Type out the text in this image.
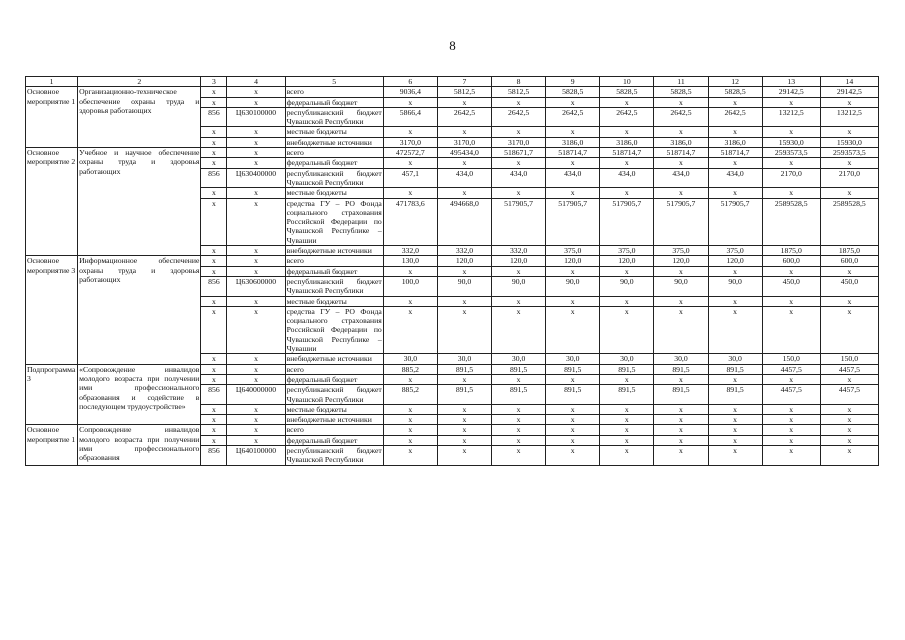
8
1	2	3	4	5	6	7	8	9	10	11	12	13	14
Основное мероприятие 1	Организационно-техническое обеспечение охраны труда и здоровья работающих	х	х	всего	9036,4	5812,5	5812,5	5828,5	5828,5	5828,5	5828,5	29142,5	29142,5
		х	х	федеральный бюджет	х	х	х	х	х	х	х	х	х
		856	Ц630100000	республиканский бюджет Чувашской Республики	5866,4	2642,5	2642,5	2642,5	2642,5	2642,5	2642,5	13212,5	13212,5
		х	х	местные бюджеты	х	х	х	х	х	х	х	х	х
		х	х	внебюджетные источники	3170,0	3170,0	3170,0	3186,0	3186,0	3186,0	3186,0	15930,0	15930,0
Основное мероприятие 2	Учебное и научное обеспечение охраны труда и здоровья работающих	х	х	всего	472572,7	495434,0	518671,7	518714,7	518714,7	518714,7	518714,7	2593573,5	2593573,5
		х	х	федеральный бюджет	х	х	х	х	х	х	х	х	х
		856	Ц630400000	республиканский бюджет Чувашской Республики	457,1	434,0	434,0	434,0	434,0	434,0	434,0	2170,0	2170,0
		х	х	местные бюджеты	х	х	х	х	х	х	х	х	х
		х	х	средства ГУ – РО Фонда социального страхования Российской Федерации по Чувашской Республике – Чувашии	471783,6	494668,0	517905,7	517905,7	517905,7	517905,7	517905,7	2589528,5	2589528,5
		х	х	внебюджетные источники	332,0	332,0	332,0	375,0	375,0	375,0	375,0	1875,0	1875,0
Основное мероприятие 3	Информационное обеспечение охраны труда и здоровья работающих	х	х	всего	130,0	120,0	120,0	120,0	120,0	120,0	120,0	600,0	600,0
		х	х	федеральный бюджет	х	х	х	х	х	х	х	х	х
		856	Ц630600000	республиканский бюджет Чувашской Республики	100,0	90,0	90,0	90,0	90,0	90,0	90,0	450,0	450,0
		х	х	местные бюджеты	х	х	х	х	х	х	х	х	х
		х	х	средства ГУ – РО Фонда социального страхования Российской Федерации по Чувашской Республике – Чувашии	х	х	х	х	х	х	х	х	х
		х	х	внебюджетные источники	30,0	30,0	30,0	30,0	30,0	30,0	30,0	150,0	150,0
Подпрограмма 3	«Сопровождение инвалидов молодого возраста при получении ими профессионального образования и содействие в последующем трудоустройстве»	х	х	всего	885,2	891,5	891,5	891,5	891,5	891,5	891,5	4457,5	4457,5
		х	х	федеральный бюджет	х	х	х	х	х	х	х	х	х
		856	Ц640000000	республиканский бюджет Чувашской Республики	885,2	891,5	891,5	891,5	891,5	891,5	891,5	4457,5	4457,5
		х	х	местные бюджеты	х	х	х	х	х	х	х	х	х
		х	х	внебюджетные источники	х	х	х	х	х	х	х	х	х
Основное мероприятие 1	Сопровождение инвалидов молодого возраста при получении ими профессионального образования	х	х	всего	х	х	х	х	х	х	х	х	х
		х	х	федеральный бюджет	х	х	х	х	х	х	х	х	х
		856	Ц640100000	республиканский бюджет Чувашской Республики	х	х	х	х	х	х	х	х	х
